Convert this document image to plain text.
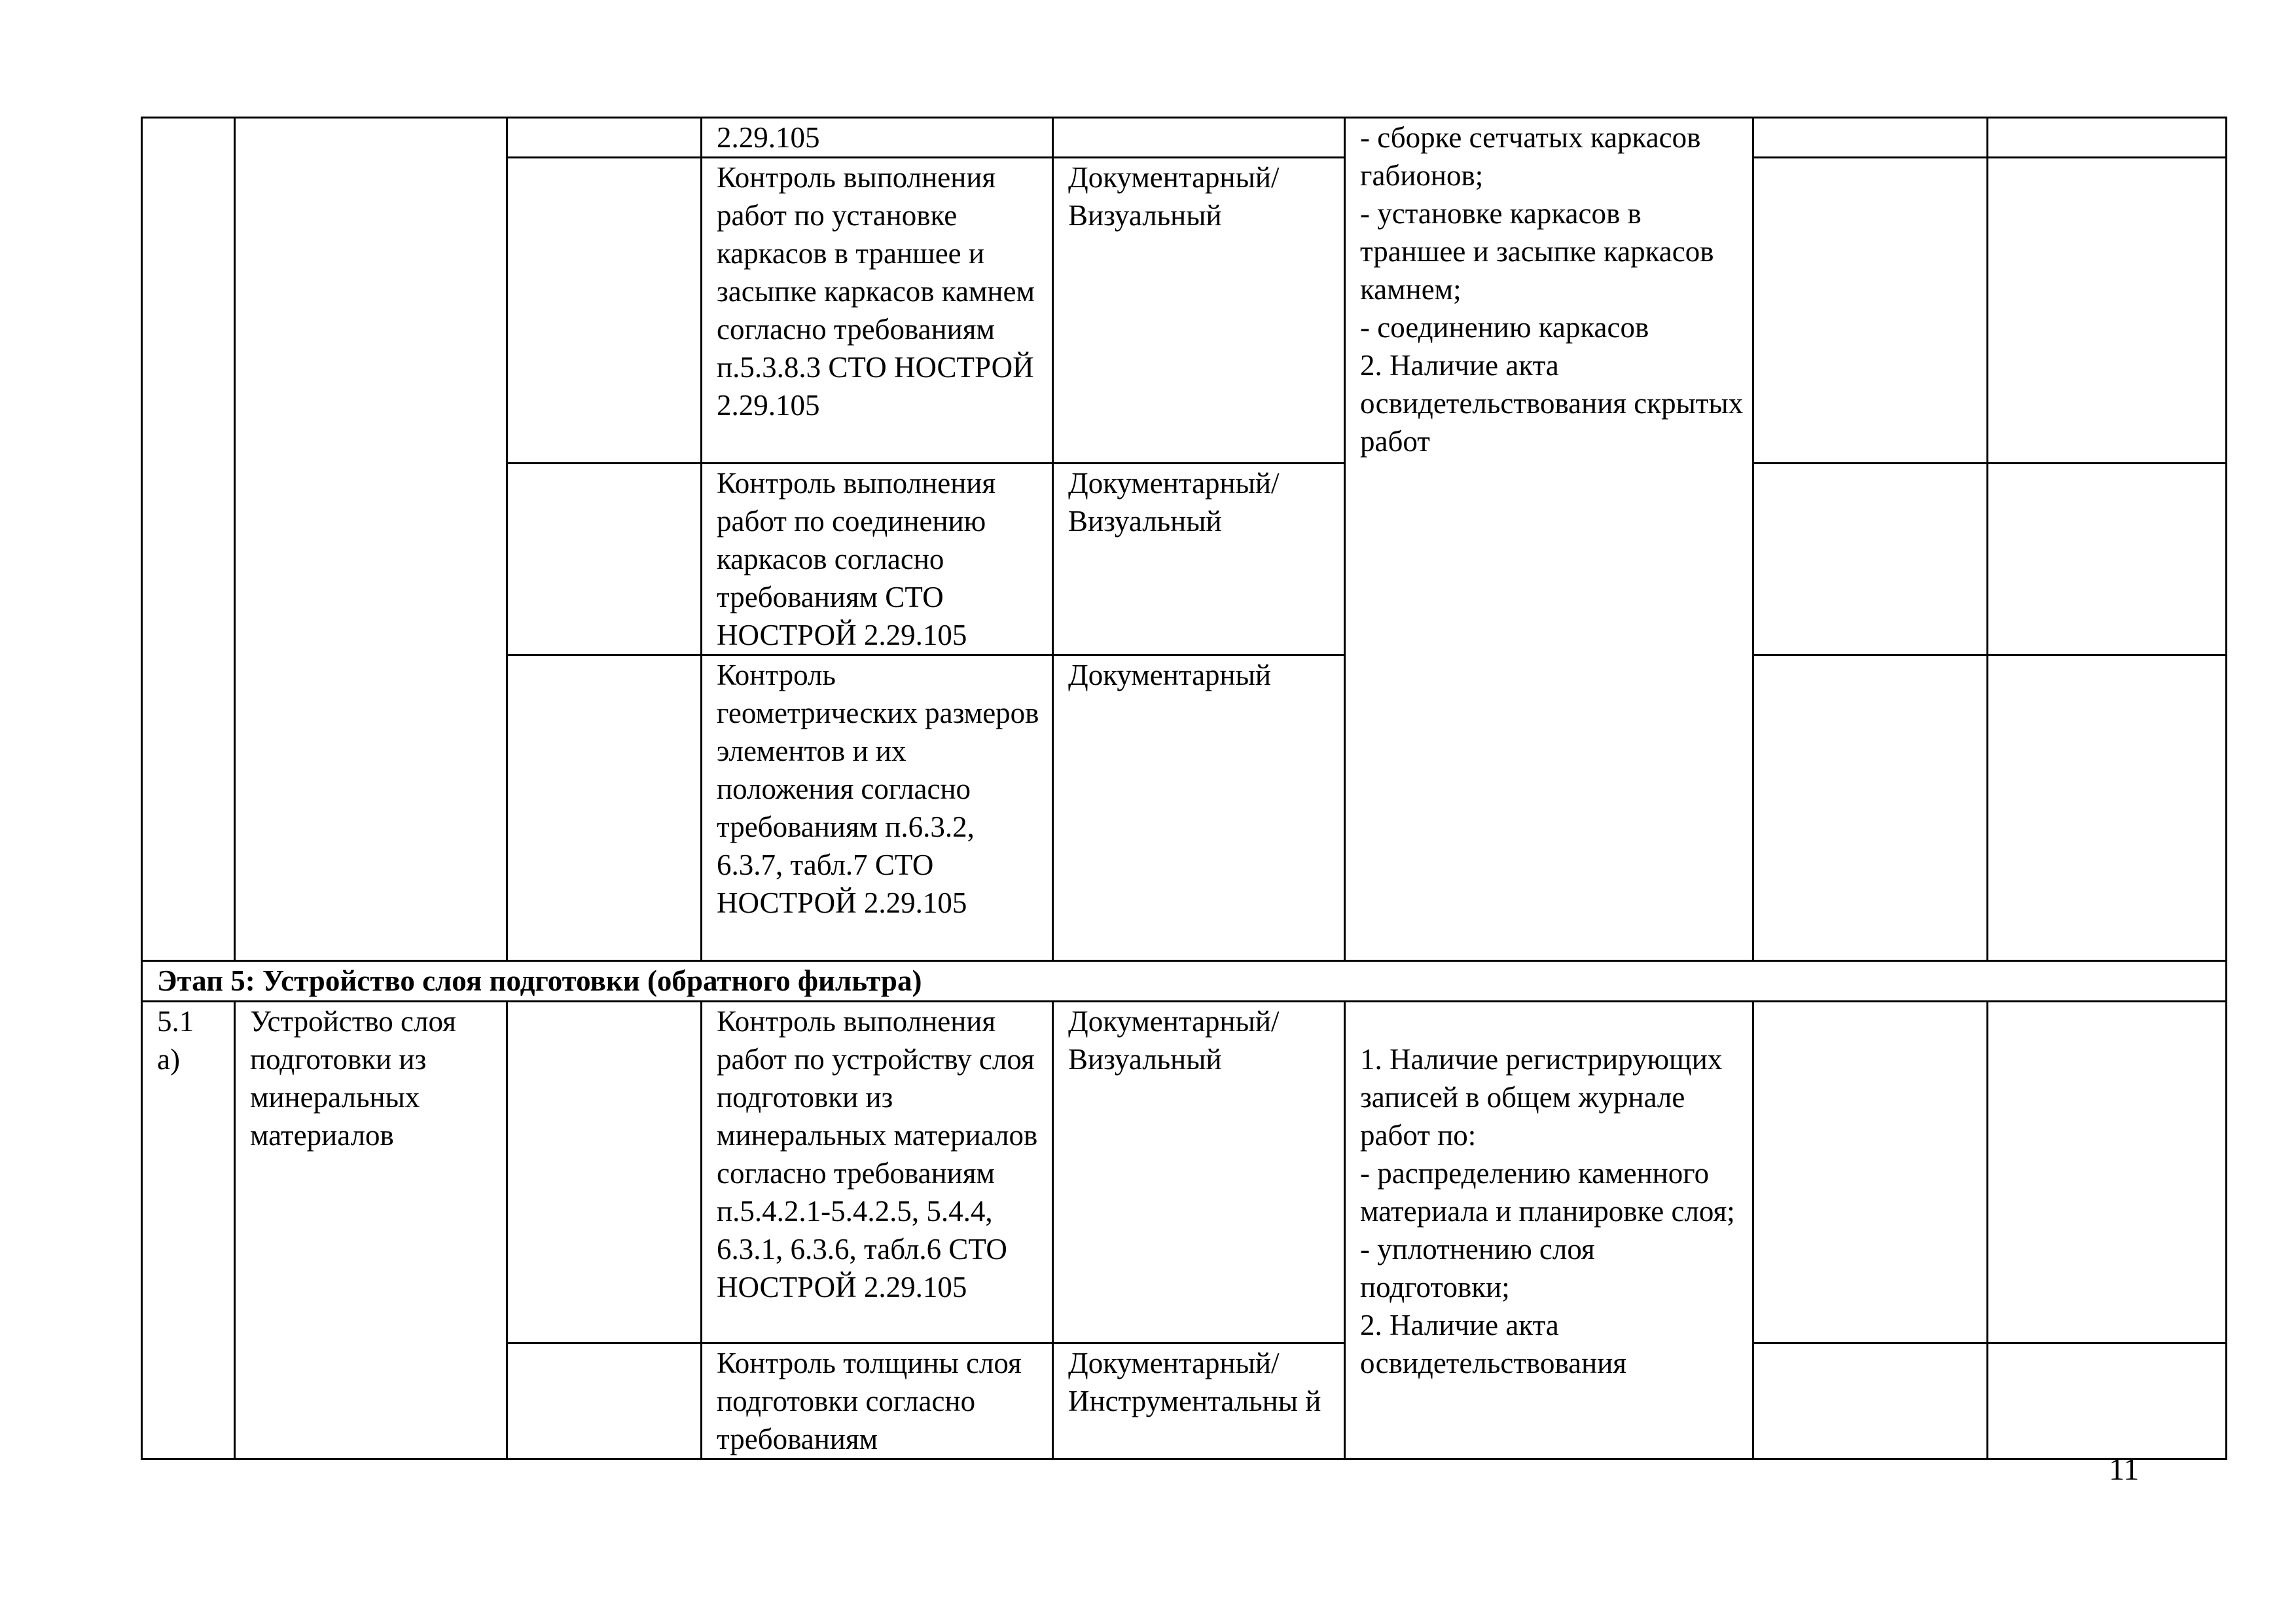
			2.29.105		- сборке сетчатых каркасов габионов;
- установке каркасов в траншее и засыпке каркасов камнем;
- соединению каркасов
2. Наличие акта освидетельствования скрытых работ		
			Контроль выполнения работ по установке каркасов в траншее и засыпке каркасов камнем согласно требованиям п.5.3.8.3 СТО НОСТРОЙ 2.29.105	Документарный/ Визуальный			
			Контроль выполнения работ по соединению каркасов согласно требованиям СТО НОСТРОЙ 2.29.105	Документарный/ Визуальный			
			Контроль геометрических размеров элементов и их положения согласно требованиям п.6.3.2, 6.3.7, табл.7 СТО НОСТРОЙ 2.29.105	Документарный			
Этап 5: Устройство слоя подготовки (обратного фильтра)							
5.1
а)	Устройство слоя подготовки из минеральных материалов		Контроль выполнения работ по устройству слоя подготовки из минеральных материалов согласно требованиям п.5.4.2.1-5.4.2.5, 5.4.4, 6.3.1, 6.3.6, табл.6 СТО НОСТРОЙ 2.29.105	Документарный/ Визуальный	1. Наличие регистрирующих записей в общем журнале работ по:
- распределению каменного материала и планировке слоя;
- уплотнению слоя подготовки;
2. Наличие акта освидетельствования		
			Контроль толщины слоя подготовки согласно требованиям	Документарный/ Инструментальны й			
11
